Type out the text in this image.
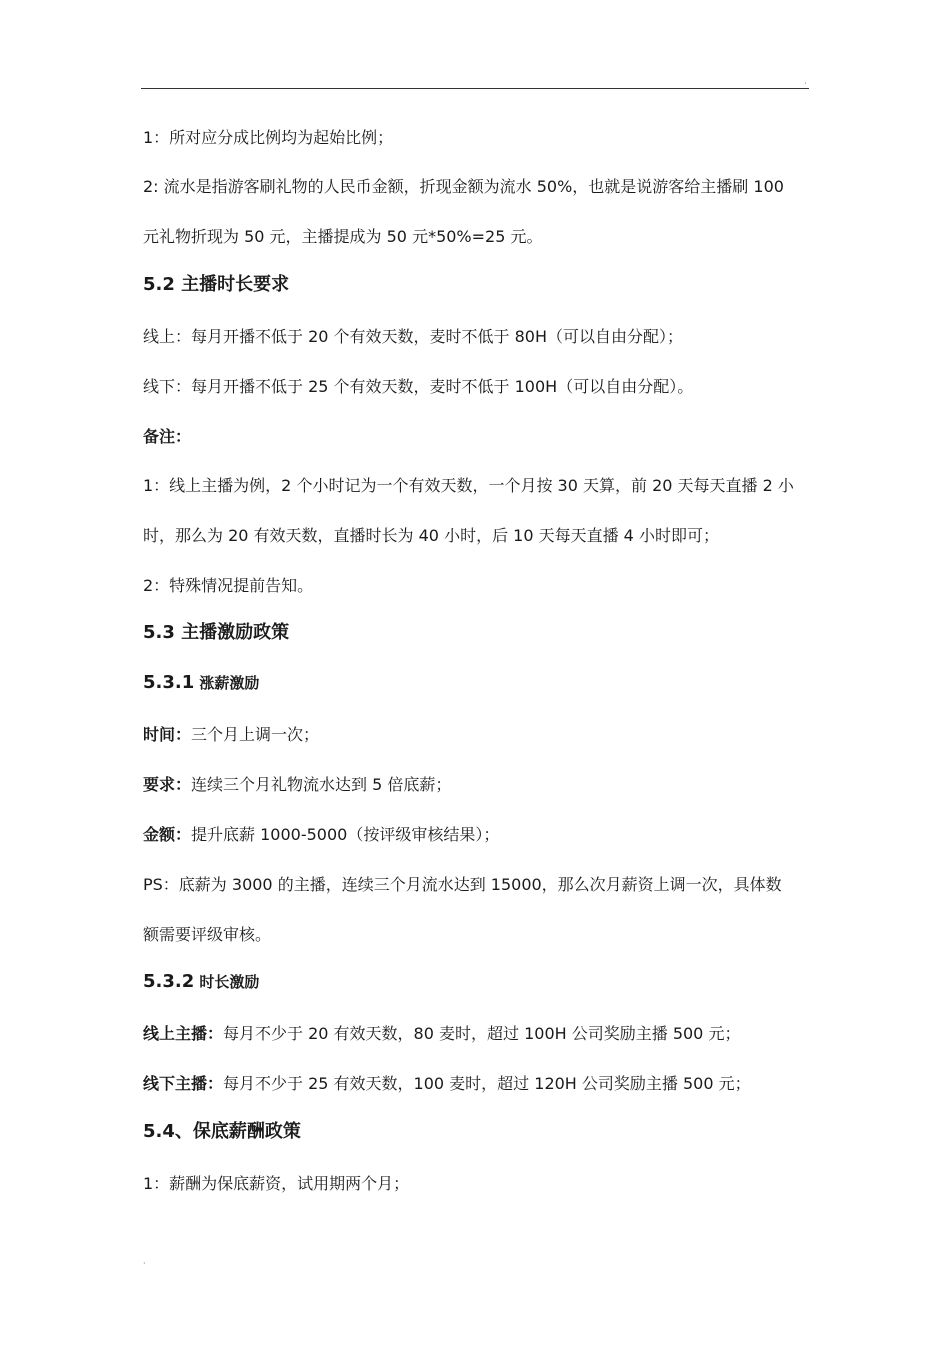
·
1：所对应分成比例均为起始比例；
2: 流水是指游客刷礼物的人民币金额，折现金额为流水 50%，也就是说游客给主播刷 100
元礼物折现为 50 元，主播提成为 50 元*50%=25 元。
5.2 主播时长要求
线上：每月开播不低于 20 个有效天数，麦时不低于 80H（可以自由分配）；
线下：每月开播不低于 25 个有效天数，麦时不低于 100H（可以自由分配）。
备注：
1：线上主播为例，2 个小时记为一个有效天数，一个月按 30 天算，前 20 天每天直播 2 小
时，那么为 20 有效天数，直播时长为 40 小时，后 10 天每天直播 4 小时即可；
2：特殊情况提前告知。
5.3 主播激励政策
5.3.1 涨薪激励
时间：三个月上调一次；
要求：连续三个月礼物流水达到 5 倍底薪；
金额：提升底薪 1000-5000（按评级审核结果）；
PS：底薪为 3000 的主播，连续三个月流水达到 15000，那么次月薪资上调一次，具体数
额需要评级审核。
5.3.2 时长激励
线上主播：每月不少于 20 有效天数，80 麦时，超过 100H 公司奖励主播 500 元；
线下主播：每月不少于 25 有效天数，100 麦时，超过 120H 公司奖励主播 500 元；
5.4、保底薪酬政策
1：薪酬为保底薪资，试用期两个月；
·
